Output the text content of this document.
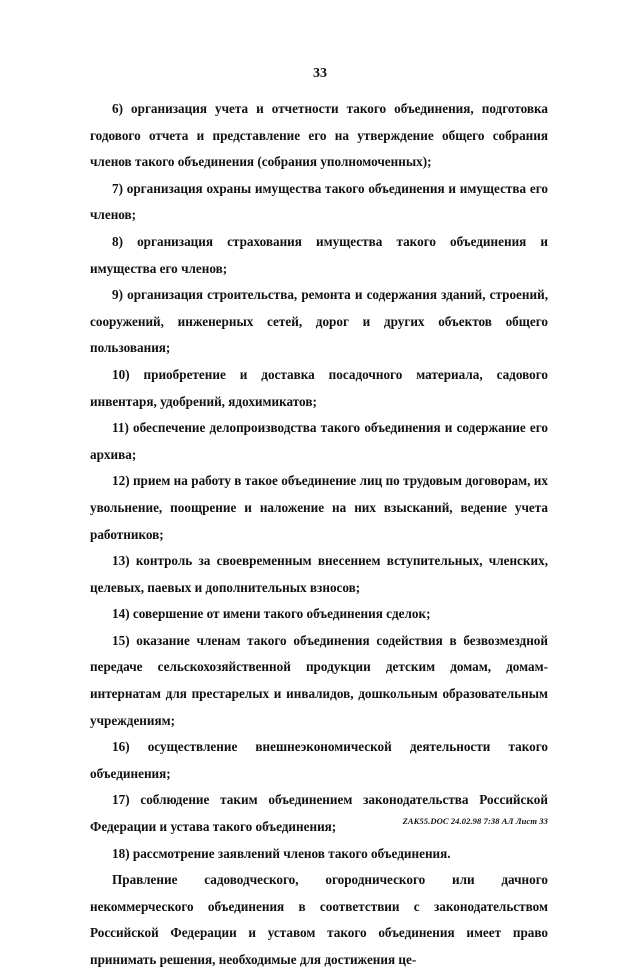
33

6) организация учета и отчетности такого объединения, подготовка годового отчета и представление его на утверждение общего собрания членов такого объединения (собрания уполномоченных);

7) организация охраны имущества такого объединения и имущества его членов;

8) организация страхования имущества такого объединения и имущества его членов;

9) организация строительства, ремонта и содержания зданий, строений, сооружений, инженерных сетей, дорог и других объектов общего пользования;

10) приобретение и доставка посадочного материала, садового инвентаря, удобрений, ядохимикатов;

11) обеспечение делопроизводства такого объединения и содержание его архива;

12) прием на работу в такое объединение лиц по трудовым договорам, их увольнение, поощрение и наложение на них взысканий, ведение учета работников;

13) контроль за своевременным внесением вступительных, членских, целевых, паевых и дополнительных взносов;

14) совершение от имени такого объединения сделок;

15) оказание членам такого объединения содействия в безвозмездной передаче сельскохозяйственной продукции детским домам, домам-интернатам для престарелых и инвалидов, дошкольным образовательным учреждениям;

16) осуществление внешнеэкономической деятельности такого объединения;

17) соблюдение таким объединением законодательства Российской Федерации и устава такого объединения;

18) рассмотрение заявлений членов такого объединения.

Правление садоводческого, огороднического или дачного некоммерческого объединения в соответствии с законодательством Российской Федерации и уставом такого объединения имеет право принимать решения, необходимые для достижения це-

ZAK55.DOC 24.02.98 7:38 АЛ Лист 33
